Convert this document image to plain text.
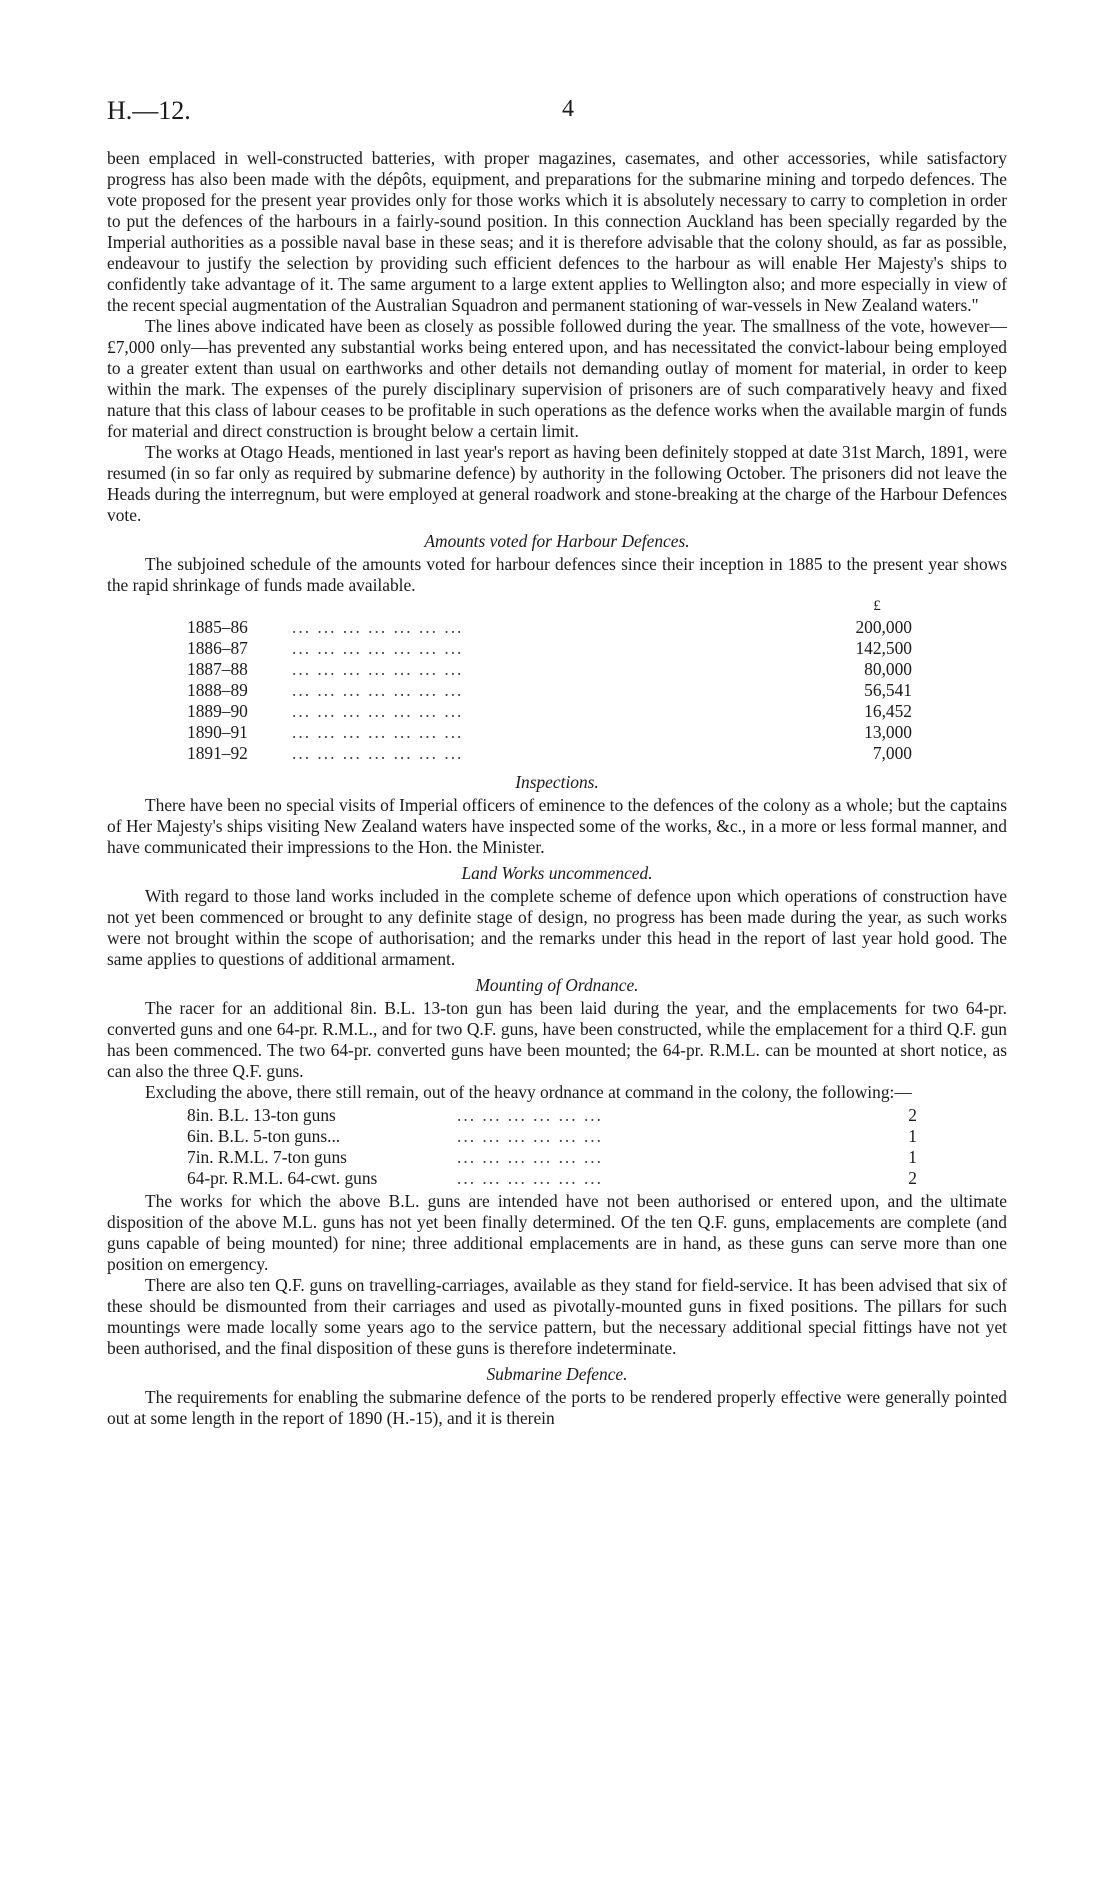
H.—12.	4

been emplaced in well-constructed batteries, with proper magazines, casemates, and other accessories, while satisfactory progress has also been made with the dépôts, equipment, and preparations for the submarine mining and torpedo defences. The vote proposed for the present year provides only for those works which it is absolutely necessary to carry to completion in order to put the defences of the harbours in a fairly-sound position. In this connection Auckland has been specially regarded by the Imperial authorities as a possible naval base in these seas; and it is therefore advisable that the colony should, as far as possible, endeavour to justify the selection by providing such efficient defences to the harbour as will enable Her Majesty's ships to confidently take advantage of it. The same argument to a large extent applies to Wellington also; and more especially in view of the recent special augmentation of the Australian Squadron and permanent stationing of war-vessels in New Zealand waters."

The lines above indicated have been as closely as possible followed during the year. The smallness of the vote, however—£7,000 only—has prevented any substantial works being entered upon, and has necessitated the convict-labour being employed to a greater extent than usual on earthworks and other details not demanding outlay of moment for material, in order to keep within the mark. The expenses of the purely disciplinary supervision of prisoners are of such comparatively heavy and fixed nature that this class of labour ceases to be profitable in such operations as the defence works when the available margin of funds for material and direct construction is brought below a certain limit.

The works at Otago Heads, mentioned in last year's report as having been definitely stopped at date 31st March, 1891, were resumed (in so far only as required by submarine defence) by authority in the following October. The prisoners did not leave the Heads during the interregnum, but were employed at general roadwork and stone-breaking at the charge of the Harbour Defences vote.

Amounts voted for Harbour Defences.

The subjoined schedule of the amounts voted for harbour defences since their inception in 1885 to the present year shows the rapid shrinkage of funds made available.

		£
1885–86	... ... ... ... ... ... ...	200,000
1886–87	... ... ... ... ... ... ...	142,500
1887–88	... ... ... ... ... ... ...	80,000
1888–89	... ... ... ... ... ... ...	56,541
1889–90	... ... ... ... ... ... ...	16,452
1890–91	... ... ... ... ... ... ...	13,000
1891–92	... ... ... ... ... ... ...	7,000
Inspections.

There have been no special visits of Imperial officers of eminence to the defences of the colony as a whole; but the captains of Her Majesty's ships visiting New Zealand waters have inspected some of the works, &c., in a more or less formal manner, and have communicated their impressions to the Hon. the Minister.

Land Works uncommenced.

With regard to those land works included in the complete scheme of defence upon which operations of construction have not yet been commenced or brought to any definite stage of design, no progress has been made during the year, as such works were not brought within the scope of authorisation; and the remarks under this head in the report of last year hold good. The same applies to questions of additional armament.

Mounting of Ordnance.

The racer for an additional 8in. B.L. 13-ton gun has been laid during the year, and the emplacements for two 64-pr. converted guns and one 64-pr. R.M.L., and for two Q.F. guns, have been constructed, while the emplacement for a third Q.F. gun has been commenced. The two 64-pr. converted guns have been mounted; the 64-pr. R.M.L. can be mounted at short notice, as can also the three Q.F. guns.

Excluding the above, there still remain, out of the heavy ordnance at command in the colony, the following:—

8in. B.L. 13-ton guns	... ... ... ... ... ...	2
6in. B.L. 5-ton guns...	... ... ... ... ... ...	1
7in. R.M.L. 7-ton guns	... ... ... ... ... ...	1
64-pr. R.M.L. 64-cwt. guns	... ... ... ... ... ...	2

The works for which the above B.L. guns are intended have not been authorised or entered upon, and the ultimate disposition of the above M.L. guns has not yet been finally determined. Of the ten Q.F. guns, emplacements are complete (and guns capable of being mounted) for nine; three additional emplacements are in hand, as these guns can serve more than one position on emergency.

There are also ten Q.F. guns on travelling-carriages, available as they stand for field-service. It has been advised that six of these should be dismounted from their carriages and used as pivotally-mounted guns in fixed positions. The pillars for such mountings were made locally some years ago to the service pattern, but the necessary additional special fittings have not yet been authorised, and the final disposition of these guns is therefore indeterminate.

Submarine Defence.

The requirements for enabling the submarine defence of the ports to be rendered properly effective were generally pointed out at some length in the report of 1890 (H.-15), and it is therein
